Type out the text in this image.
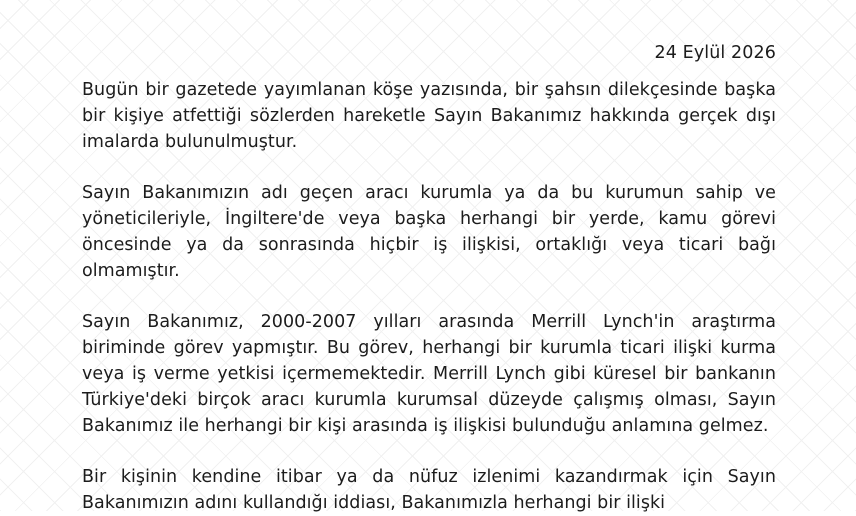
24 Eylül 2026

Bugün bir gazetede yayımlanan köşe yazısında, bir şahsın dilekçesinde başka bir kişiye atfettiği sözlerden hareketle Sayın Bakanımız hakkında gerçek dışı imalarda bulunulmuştur.

Sayın Bakanımızın adı geçen aracı kurumla ya da bu kurumun sahip ve yöneticileriyle, İngiltere'de veya başka herhangi bir yerde, kamu görevi öncesinde ya da sonrasında hiçbir iş ilişkisi, ortaklığı veya ticari bağı olmamıştır.

Sayın Bakanımız, 2000-2007 yılları arasında Merrill Lynch'in araştırma biriminde görev yapmıştır. Bu görev, herhangi bir kurumla ticari ilişki kurma veya iş verme yetkisi içermemektedir. Merrill Lynch gibi küresel bir bankanın Türkiye'deki birçok aracı kurumla kurumsal düzeyde çalışmış olması, Sayın Bakanımız ile herhangi bir kişi arasında iş ilişkisi bulunduğu anlamına gelmez.

Bir kişinin kendine itibar ya da nüfuz izlenimi kazandırmak için Sayın Bakanımızın adını kullandığı iddiası, Bakanımızla herhangi bir ilişki
